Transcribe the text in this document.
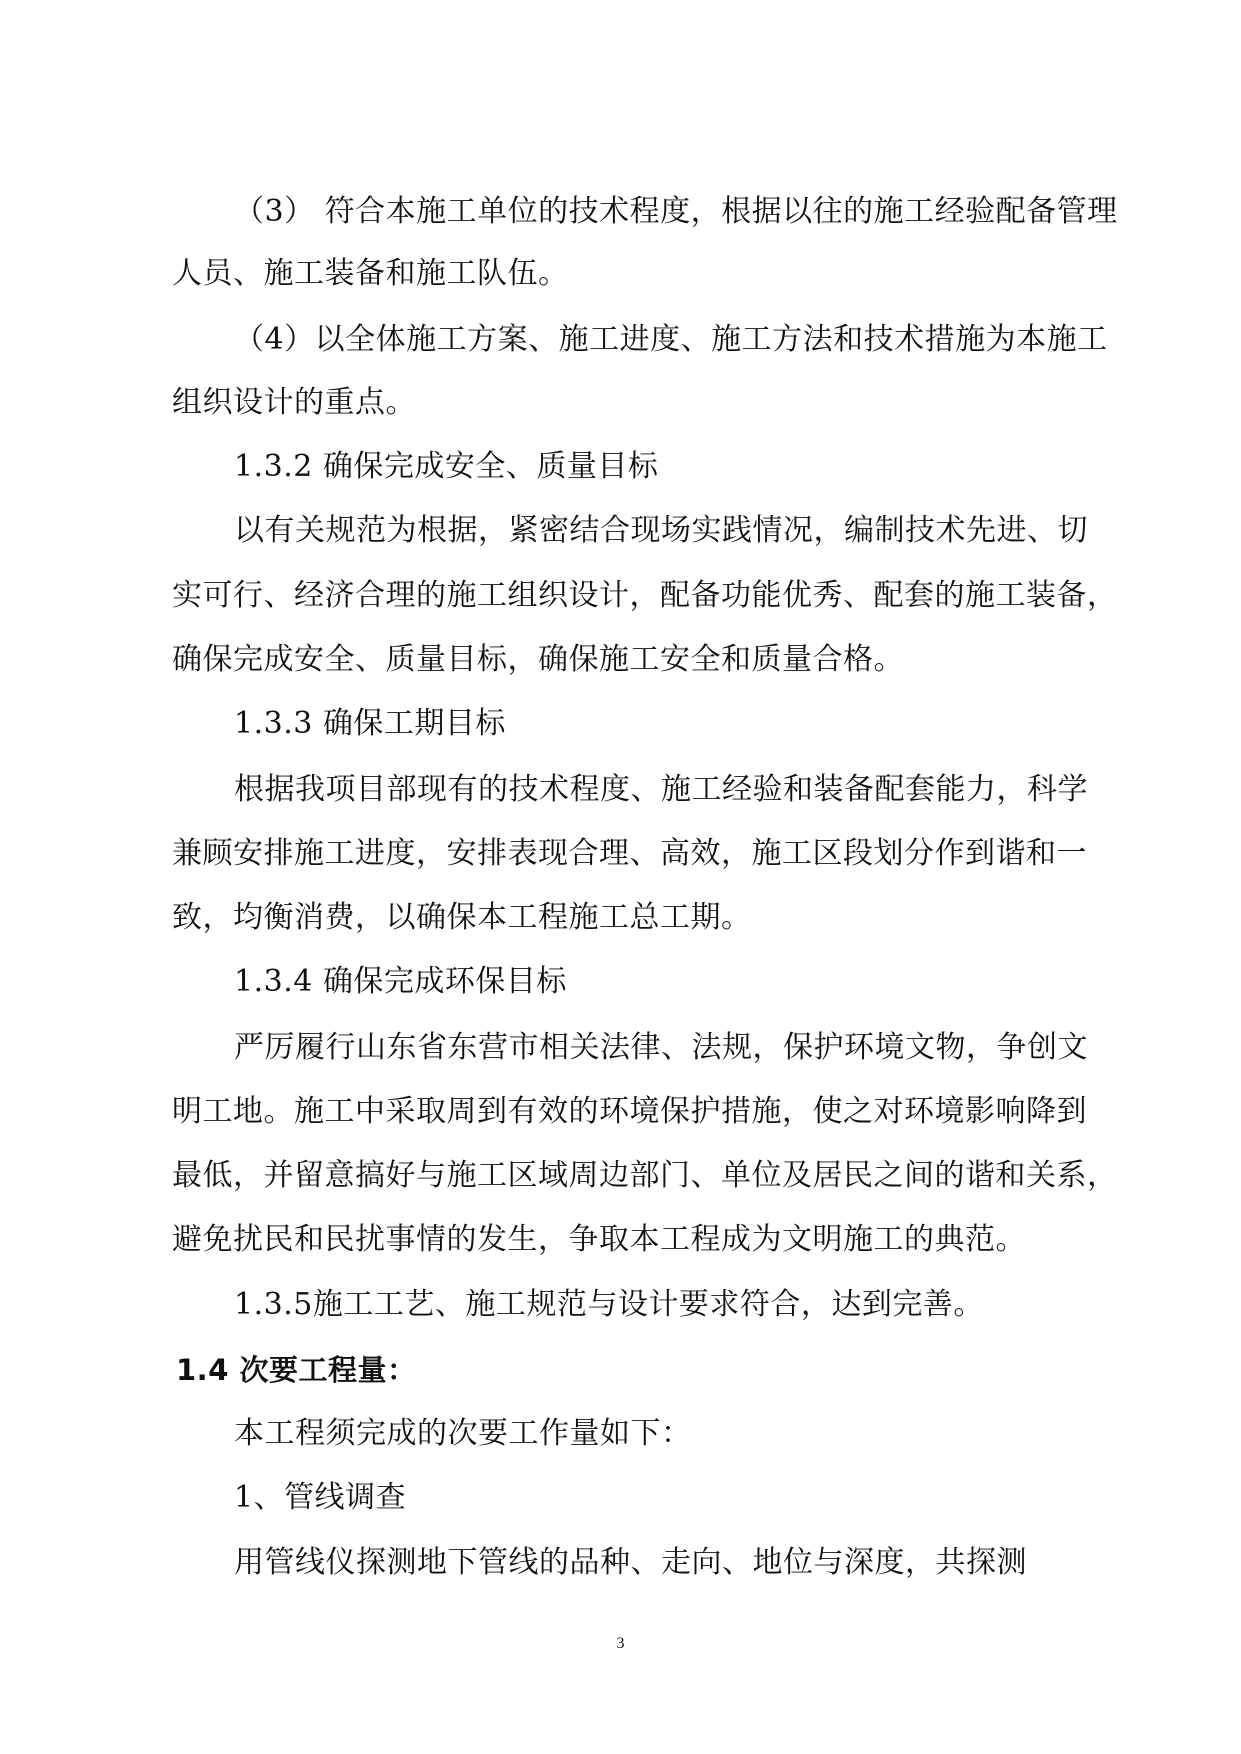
（3） 符合本施工单位的技术程度，根据以往的施工经验配备管理
人员、施工装备和施工队伍。
（4）以全体施工方案、施工进度、施工方法和技术措施为本施工
组织设计的重点。
1.3.2 确保完成安全、质量目标
以有关规范为根据，紧密结合现场实践情况，编制技术先进、切
实可行、经济合理的施工组织设计，配备功能优秀、配套的施工装备，
确保完成安全、质量目标，确保施工安全和质量合格。
1.3.3 确保工期目标
根据我项目部现有的技术程度、施工经验和装备配套能力，科学
兼顾安排施工进度，安排表现合理、高效，施工区段划分作到谐和一
致，均衡消费，以确保本工程施工总工期。
1.3.4 确保完成环保目标
严厉履行山东省东营市相关法律、法规，保护环境文物，争创文
明工地。施工中采取周到有效的环境保护措施，使之对环境影响降到
最低，并留意搞好与施工区域周边部门、单位及居民之间的谐和关系，
避免扰民和民扰事情的发生，争取本工程成为文明施工的典范。
1.3.5施工工艺、施工规范与设计要求符合，达到完善。
1.4 次要工程量：
本工程须完成的次要工作量如下：
1、管线调查
用管线仪探测地下管线的品种、走向、地位与深度，共探测
3
